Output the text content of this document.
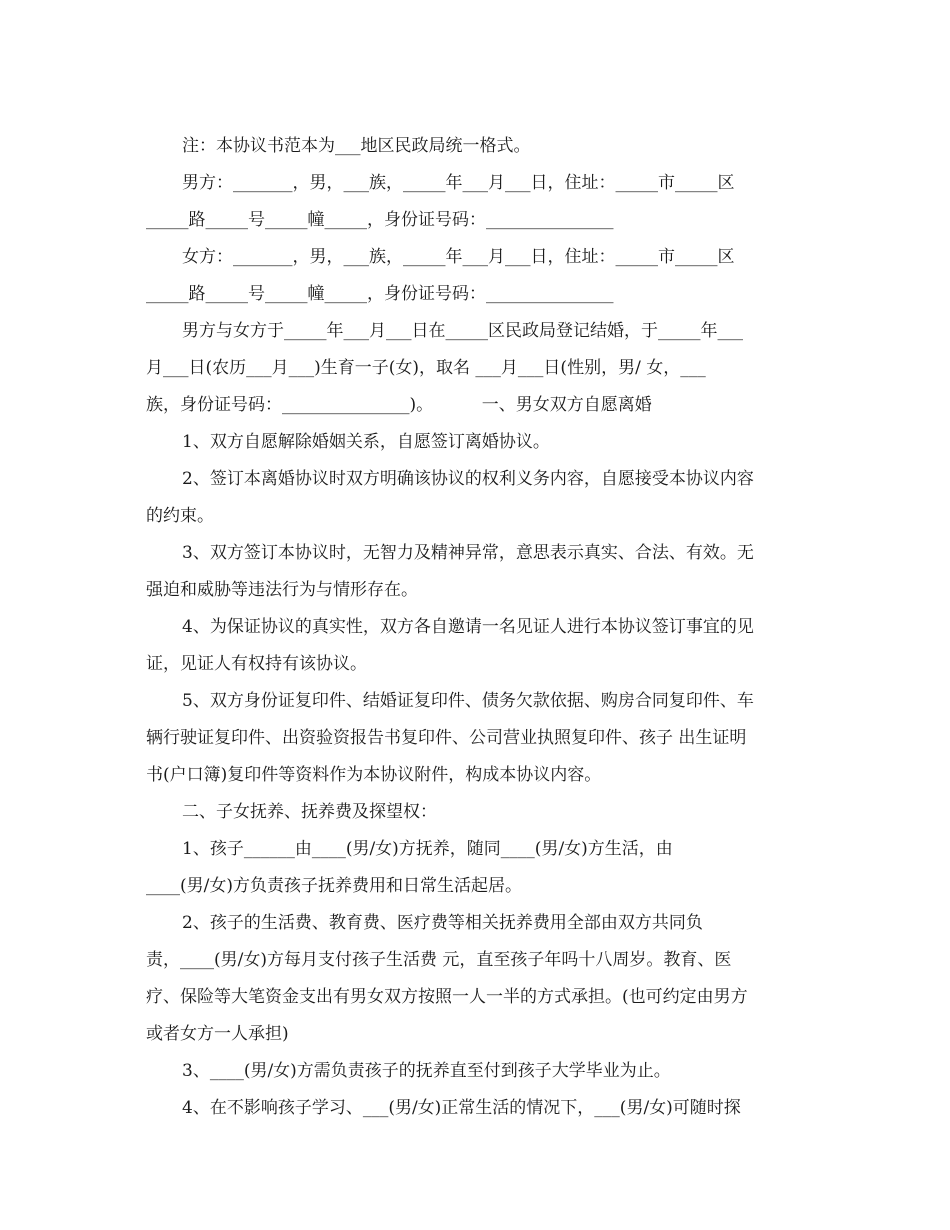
注：本协议书范本为___地区民政局统一格式。
男方：_______，男，___族，_____年___月___日，住址：_____市_____区
_____路_____号_____幢_____，身份证号码：_______________
女方：_______，男，___族，_____年___月___日，住址：_____市_____区
_____路_____号_____幢_____，身份证号码：_______________
男方与女方于_____年___月___日在_____区民政局登记结婚，于_____年___
月___日(农历___月___)生育一子(女)，取名 ___月___日(性别，男/ 女，___
族，身份证号码：_______________)。         一、男女双方自愿离婚
1、双方自愿解除婚姻关系，自愿签订离婚协议。
2、签订本离婚协议时双方明确该协议的权利义务内容，自愿接受本协议内容
的约束。
3、双方签订本协议时，无智力及精神异常，意思表示真实、合法、有效。无
强迫和威胁等违法行为与情形存在。
4、为保证协议的真实性，双方各自邀请一名见证人进行本协议签订事宜的见
证，见证人有权持有该协议。
5、双方身份证复印件、结婚证复印件、债务欠款依据、购房合同复印件、车
辆行驶证复印件、出资验资报告书复印件、公司营业执照复印件、孩子 出生证明
书(户口簿)复印件等资料作为本协议附件，构成本协议内容。
二、子女抚养、抚养费及探望权：
1、孩子______由____(男/女)方抚养，随同____(男/女)方生活，由
____(男/女)方负责孩子抚养费用和日常生活起居。
2、孩子的生活费、教育费、医疗费等相关抚养费用全部由双方共同负
责，____(男/女)方每月支付孩子生活费 元，直至孩子年吗十八周岁。教育、医
疗、保险等大笔资金支出有男女双方按照一人一半的方式承担。(也可约定由男方
或者女方一人承担)
3、____(男/女)方需负责孩子的抚养直至付到孩子大学毕业为止。
4、在不影响孩子学习、___(男/女)正常生活的情况下，___(男/女)可随时探
